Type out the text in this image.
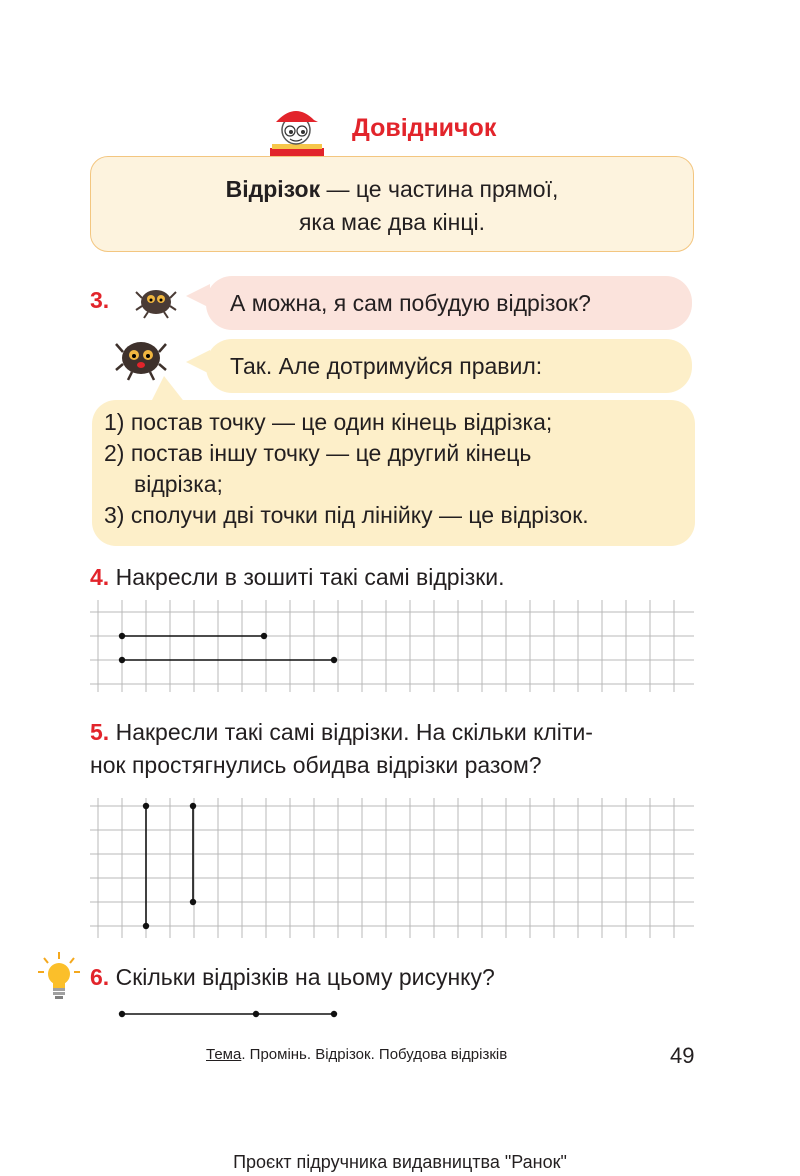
Довідничок
Відрізок — це частина прямої,
яка має два кінці.
3.	А можна, я сам побудую відрізок?
Так. Але дотримуйся правил:
1) постав точку — це один кінець відрізка;
2) постав іншу точку — це другий кінець
відрізка;
3) сполучи дві точки під лінійку — це відрізок.
4. Накресли в зошиті такі самі відрізки.
5. Накресли такі самі відрізки. На скільки кліти-
нок простягнулись обидва відрізки разом?
6. Скільки відрізків на цьому рисунку?
Тема. Промінь. Відрізок. Побудова відрізків	49
Проєкт підручника видавництва "Ранок"
